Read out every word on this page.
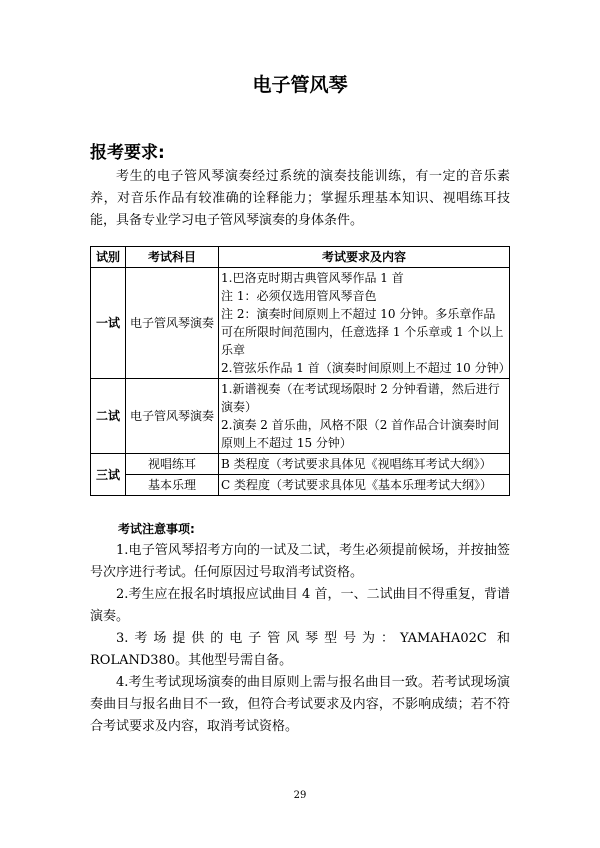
电子管风琴
报考要求:
考生的电子管风琴演奏经过系统的演奏技能训练，有一定的音乐素养，对音乐作品有较准确的诠释能力；掌握乐理基本知识、视唱练耳技能，具备专业学习电子管风琴演奏的身体条件。
试别	考试科目	考试要求及内容
一试	电子管风琴演奏	1.巴洛克时期古典管风琴作品 1 首
注 1：必须仅选用管风琴音色
注 2：演奏时间原则上不超过 10 分钟。多乐章作品可在所限时间范围内，任意选择 1 个乐章或 1 个以上乐章
2.管弦乐作品 1 首（演奏时间原则上不超过 10 分钟）

二试	电子管风琴演奏	1.新谱视奏（在考试现场限时 2 分钟看谱，然后进行演奏）
2.演奏 2 首乐曲，风格不限（2 首作品合计演奏时间原则上不超过 15 分钟）

三试	视唱练耳	B 类程度（考试要求具体见《视唱练耳考试大纲》）
	基本乐理	C 类程度（考试要求具体见《基本乐理考试大纲》）
考试注意事项:

1.电子管风琴招考方向的一试及二试，考生必须提前候场，并按抽签号次序进行考试。任何原因过号取消考试资格。

2.考生应在报名时填报应试曲目 4 首，一、二试曲目不得重复，背谱演奏。

3.考场提供的电子管风琴型号为：YAMAHA02C 和 ROLAND380。其他型号需自备。

4.考生考试现场演奏的曲目原则上需与报名曲目一致。若考试现场演奏曲目与报名曲目不一致，但符合考试要求及内容，不影响成绩；若不符合考试要求及内容，取消考试资格。

29
